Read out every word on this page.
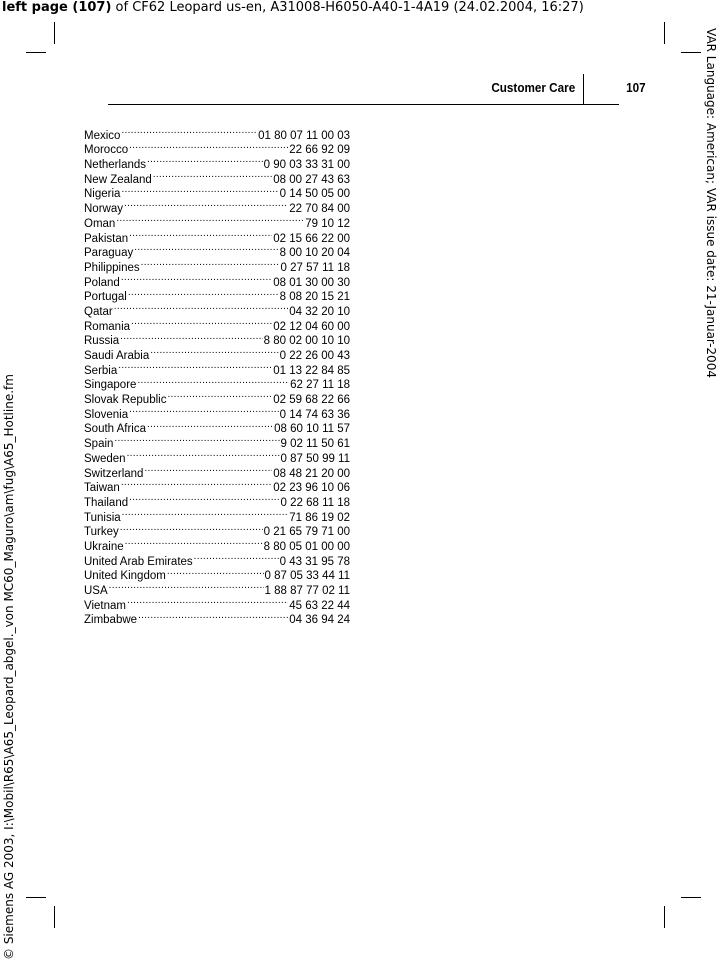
left page (107) of CF62 Leopard us-en, A31008-H6050-A40-1-4A19 (24.02.2004, 16:27)
VAR Language: American; VAR issue date: 21-Januar-2004
© Siemens AG 2003, I:\Mobil\R65\A65_Leopard_abgel._von MC60_Maguro\am\fug\A65_Hotline.fm
Customer Care	107
Mexico .....	01 80 07 11 00 03
Morocco .....	22 66 92 09
Netherlands .....	0 90 03 33 31 00
New Zealand .....	08 00 27 43 63
Nigeria .....	0 14 50 05 00
Norway .....	22 70 84 00
Oman .....	79 10 12
Pakistan .....	02 15 66 22 00
Paraguay .....	8 00 10 20 04
Philippines .....	0 27 57 11 18
Poland .....	08 01 30 00 30
Portugal .....	8 08 20 15 21
Qatar .....	04 32 20 10
Romania .....	02 12 04 60 00
Russia .....	8 80 02 00 10 10
Saudi Arabia .....	0 22 26 00 43
Serbia .....	01 13 22 84 85
Singapore .....	62 27 11 18
Slovak Republic .....	02 59 68 22 66
Slovenia .....	0 14 74 63 36
South Africa .....	08 60 10 11 57
Spain .....	9 02 11 50 61
Sweden .....	0 87 50 99 11
Switzerland .....	08 48 21 20 00
Taiwan .....	02 23 96 10 06
Thailand .....	0 22 68 11 18
Tunisia .....	71 86 19 02
Turkey .....	0 21 65 79 71 00
Ukraine .....	8 80 05 01 00 00
United Arab Emirates .....	0 43 31 95 78
United Kingdom .....	0 87 05 33 44 11
USA .....	1 88 87 77 02 11
Vietnam .....	45 63 22 44
Zimbabwe .....	04 36 94 24
